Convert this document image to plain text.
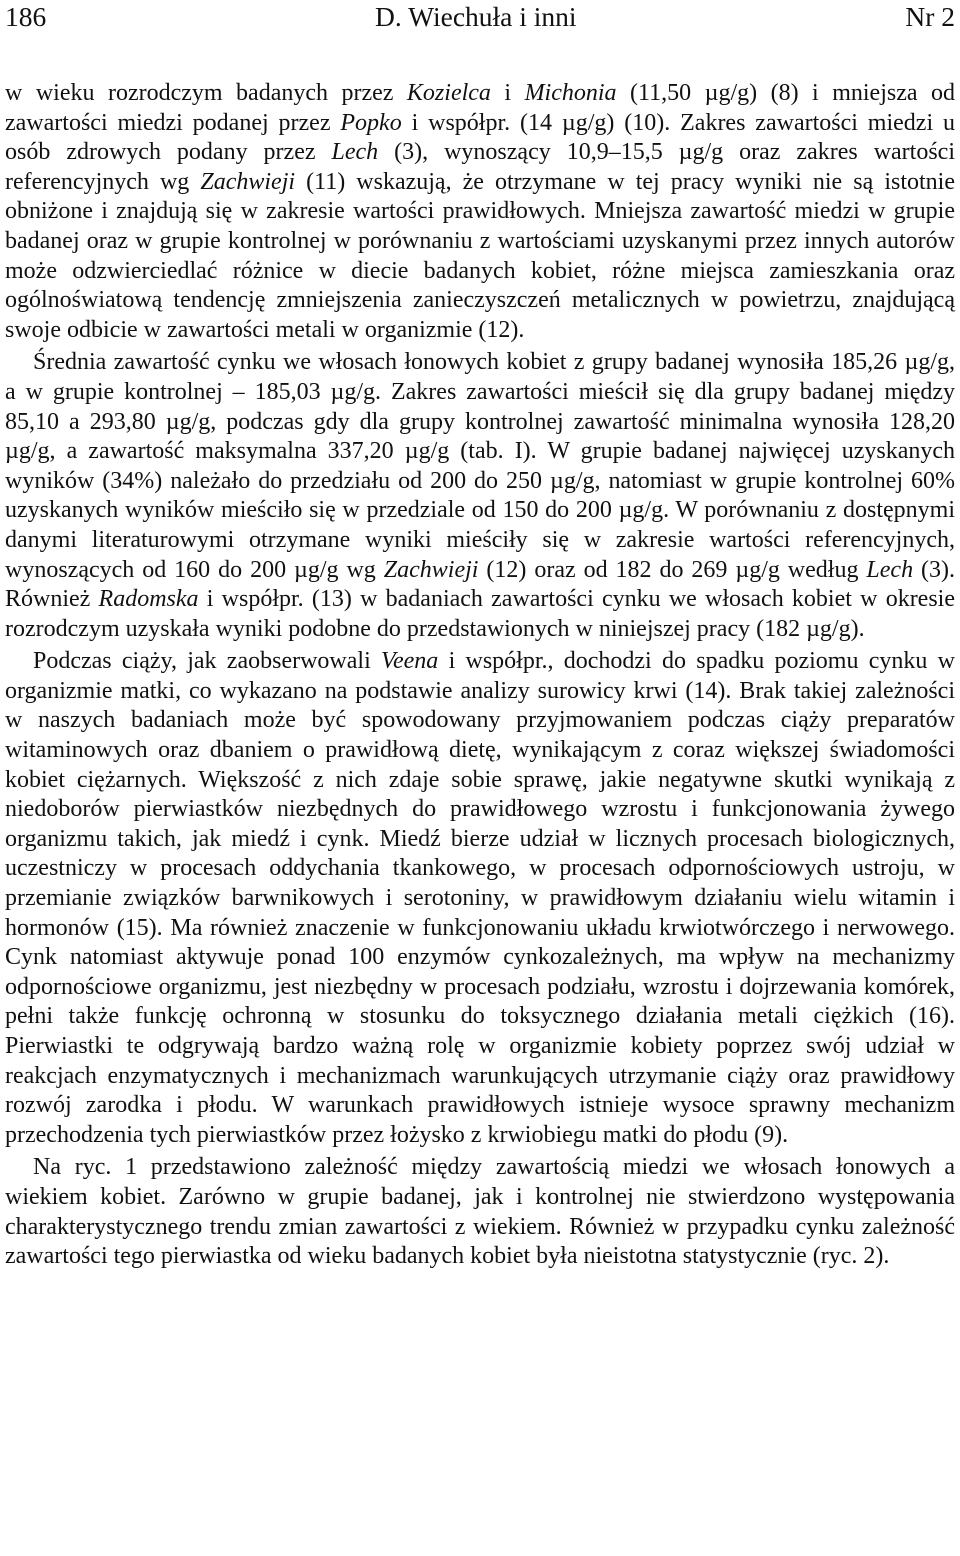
186	D. Wiechuła i inni	Nr 2

w wieku rozrodczym badanych przez Kozielca i Michonia (11,50 µg/g) (8) i mniejsza od zawartości miedzi podanej przez Popko i współpr. (14 µg/g) (10). Zakres zawartości miedzi u osób zdrowych podany przez Lech (3), wynoszący 10,9–15,5 µg/g oraz zakres wartości referencyjnych wg Zachwieji (11) wskazują, że otrzymane w tej pracy wyniki nie są istotnie obniżone i znajdują się w zakresie wartości prawidłowych. Mniejsza zawartość miedzi w grupie badanej oraz w grupie kontrolnej w porównaniu z wartościami uzyskanymi przez innych autorów może odzwierciedlać różnice w diecie badanych kobiet, różne miejsca zamieszkania oraz ogólnoświatową tendencję zmniejszenia zanieczyszczeń metalicznych w powietrzu, znajdującą swoje odbicie w zawartości metali w organizmie (12).

Średnia zawartość cynku we włosach łonowych kobiet z grupy badanej wynosiła 185,26 µg/g, a w grupie kontrolnej – 185,03 µg/g. Zakres zawartości mieścił się dla grupy badanej między 85,10 a 293,80 µg/g, podczas gdy dla grupy kontrolnej zawartość minimalna wynosiła 128,20 µg/g, a zawartość maksymalna 337,20 µg/g (tab. I). W grupie badanej najwięcej uzyskanych wyników (34%) należało do przedziału od 200 do 250 µg/g, natomiast w grupie kontrolnej 60% uzyskanych wyników mieściło się w przedziale od 150 do 200 µg/g. W porównaniu z dostępnymi danymi literaturowymi otrzymane wyniki mieściły się w zakresie wartości referencyjnych, wynoszących od 160 do 200 µg/g wg Zachwieji (12) oraz od 182 do 269 µg/g według Lech (3). Również Radomska i współpr. (13) w badaniach zawartości cynku we włosach kobiet w okresie rozrodczym uzyskała wyniki podobne do przedstawionych w niniejszej pracy (182 µg/g).

Podczas ciąży, jak zaobserwowali Veena i współpr., dochodzi do spadku poziomu cynku w organizmie matki, co wykazano na podstawie analizy surowicy krwi (14). Brak takiej zależności w naszych badaniach może być spowodowany przyjmowaniem podczas ciąży preparatów witaminowych oraz dbaniem o prawidłową dietę, wynikającym z coraz większej świadomości kobiet ciężarnych. Większość z nich zdaje sobie sprawę, jakie negatywne skutki wynikają z niedoborów pierwiastków niezbędnych do prawidłowego wzrostu i funkcjonowania żywego organizmu takich, jak miedź i cynk. Miedź bierze udział w licznych procesach biologicznych, uczestniczy w procesach oddychania tkankowego, w procesach odpornościowych ustroju, w przemianie związków barwnikowych i serotoniny, w prawidłowym działaniu wielu witamin i hormonów (15). Ma również znaczenie w funkcjonowaniu układu krwiotwórczego i nerwowego. Cynk natomiast aktywuje ponad 100 enzymów cynkozależnych, ma wpływ na mechanizmy odpornościowe organizmu, jest niezbędny w procesach podziału, wzrostu i dojrzewania komórek, pełni także funkcję ochronną w stosunku do toksycznego działania metali ciężkich (16). Pierwiastki te odgrywają bardzo ważną rolę w organizmie kobiety poprzez swój udział w reakcjach enzymatycznych i mechanizmach warunkujących utrzymanie ciąży oraz prawidłowy rozwój zarodka i płodu. W warunkach prawidłowych istnieje wysoce sprawny mechanizm przechodzenia tych pierwiastków przez łożysko z krwiobiegu matki do płodu (9).

Na ryc. 1 przedstawiono zależność między zawartością miedzi we włosach łonowych a wiekiem kobiet. Zarówno w grupie badanej, jak i kontrolnej nie stwierdzono występowania charakterystycznego trendu zmian zawartości z wiekiem. Również w przypadku cynku zależność zawartości tego pierwiastka od wieku badanych kobiet była nieistotna statystycznie (ryc. 2).
